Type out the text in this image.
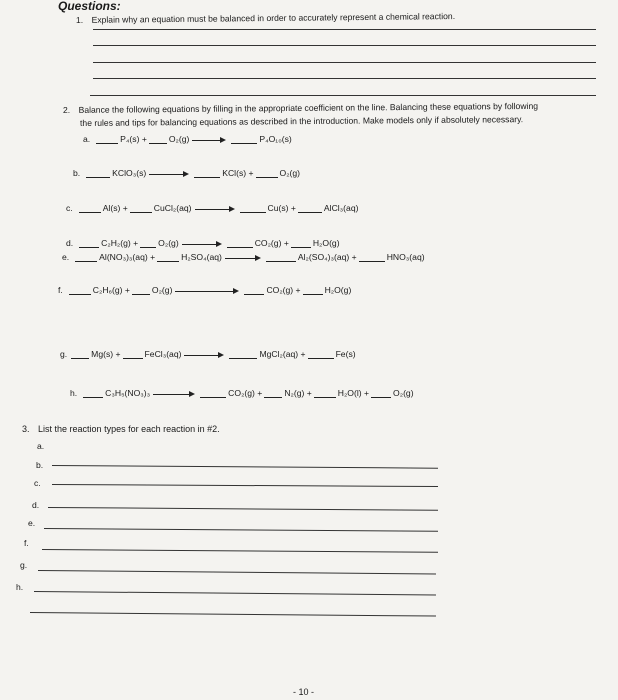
Questions:
1. Explain why an equation must be balanced in order to accurately represent a chemical reaction.
2. Balance the following equations by filling in the appropriate coefficient on the line. Balancing these equations by following
the rules and tips for balancing equations as described in the introduction. Make models only if absolutely necessary.
a.	P₄(s) +	O₂(g)	P₄O₁₀(s)
b.	KClO₃(s)	KCl(s) +	O₂(g)
c.	Al(s) +	CuCl₂(aq)	Cu(s) +	AlCl₃(aq)
d.	C₂H₂(g) + O₂(g)	CO₂(g) +	H₂O(g)
e.	Al(NO₃)₃(aq) +	H₂SO₄(aq)	Al₂(SO₄)₃(aq) +	HNO₃(aq)
f.	C₂H₆(g) +	O₂(g)	CO₂(g) +	H₂O(g)
g.	Mg(s) +	FeCl₃(aq)	MgCl₂(aq) +	Fe(s)
h.	C₃H₅(NO₃)₃	CO₂(g) +	N₂(g) +	H₂O(l) +	O₂(g)
3. List the reaction types for each reaction in #2.
a.
b.
c.
d.
e.
f.
g.
h.
- 10 -
